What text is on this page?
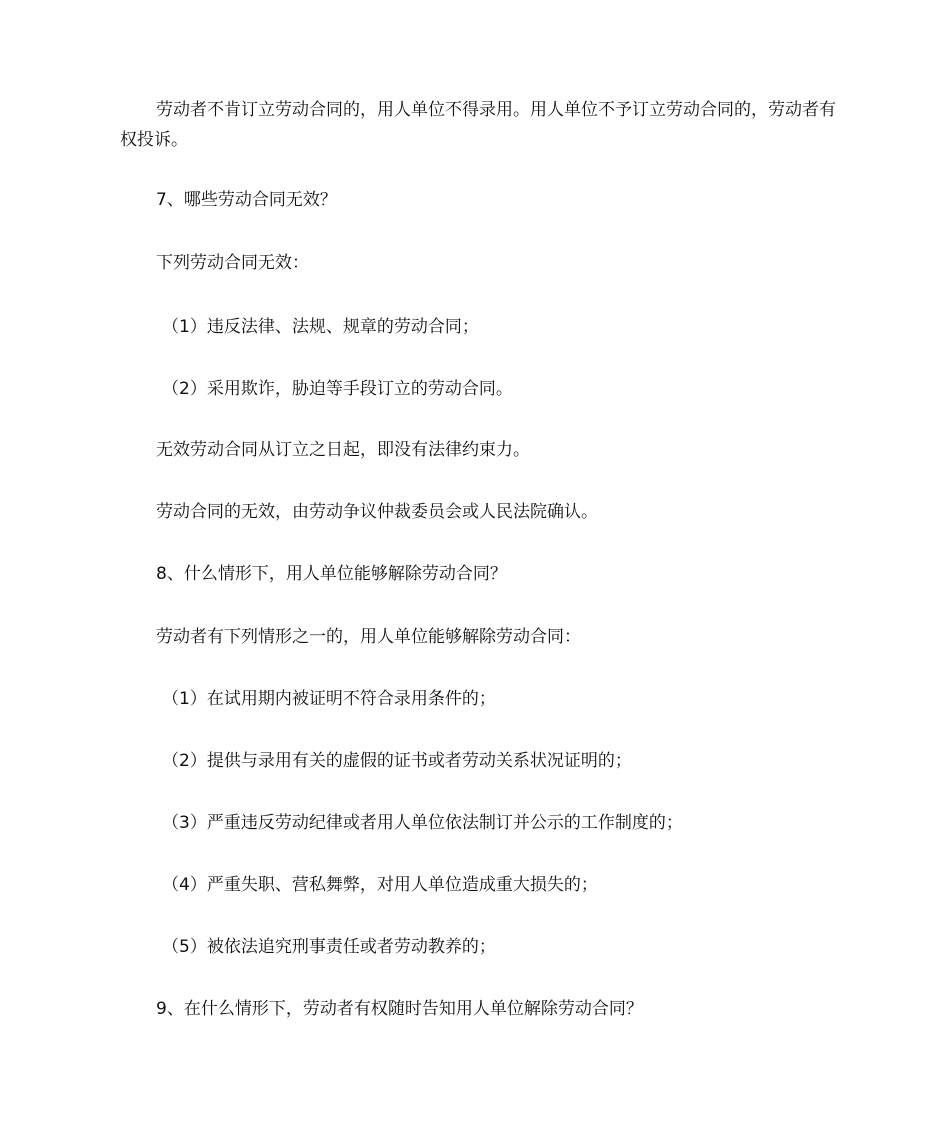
劳动者不肯订立劳动合同的，用人单位不得录用。用人单位不予订立劳动合同的，劳动者有权投诉。
7、哪些劳动合同无效？
下列劳动合同无效：
（1）违反法律、法规、规章的劳动合同；
（2）采用欺诈，胁迫等手段订立的劳动合同。
无效劳动合同从订立之日起，即没有法律约束力。
劳动合同的无效，由劳动争议仲裁委员会或人民法院确认。
8、什么情形下，用人单位能够解除劳动合同？
劳动者有下列情形之一的，用人单位能够解除劳动合同：
（1）在试用期内被证明不符合录用条件的；
（2）提供与录用有关的虚假的证书或者劳动关系状况证明的；
（3）严重违反劳动纪律或者用人单位依法制订并公示的工作制度的；
（4）严重失职、营私舞弊，对用人单位造成重大损失的；
（5）被依法追究刑事责任或者劳动教养的；
9、在什么情形下，劳动者有权随时告知用人单位解除劳动合同？
